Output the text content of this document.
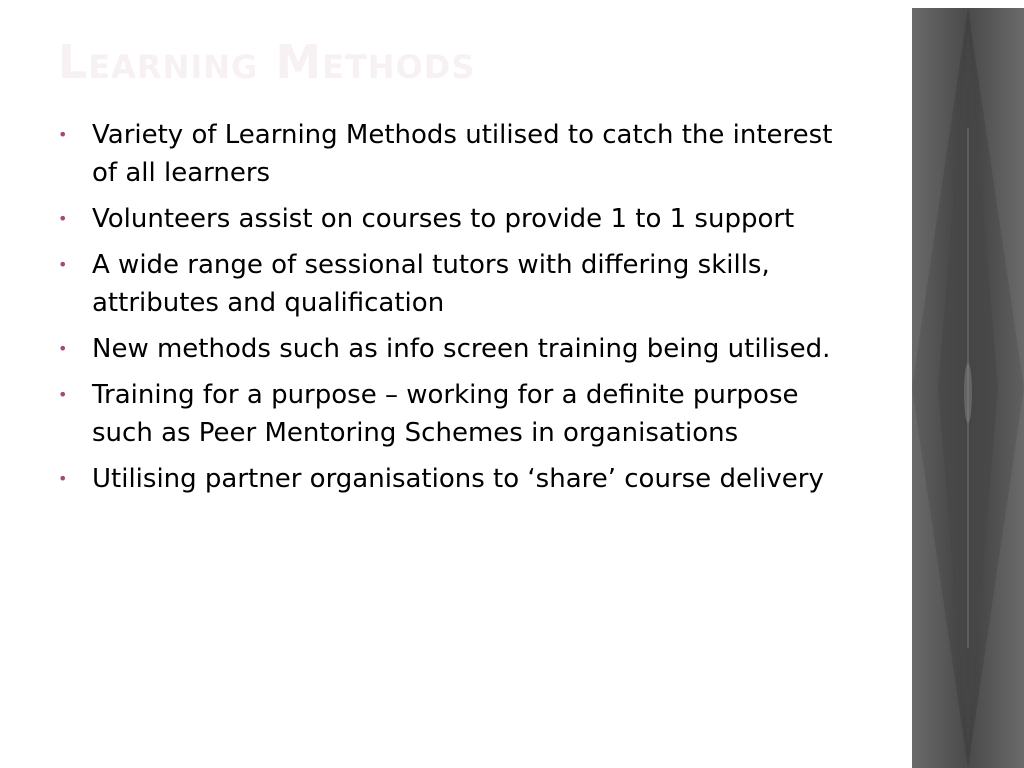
Learning Methods
• Variety of Learning Methods utilised to catch the interest of all learners
• Volunteers assist on courses to provide 1 to 1 support
• A wide range of sessional tutors with differing skills, attributes and qualification
• New methods such as info screen training being utilised.
• Training for a purpose – working for a definite purpose such as Peer Mentoring Schemes in organisations
• Utilising partner organisations to ‘share’ course delivery
